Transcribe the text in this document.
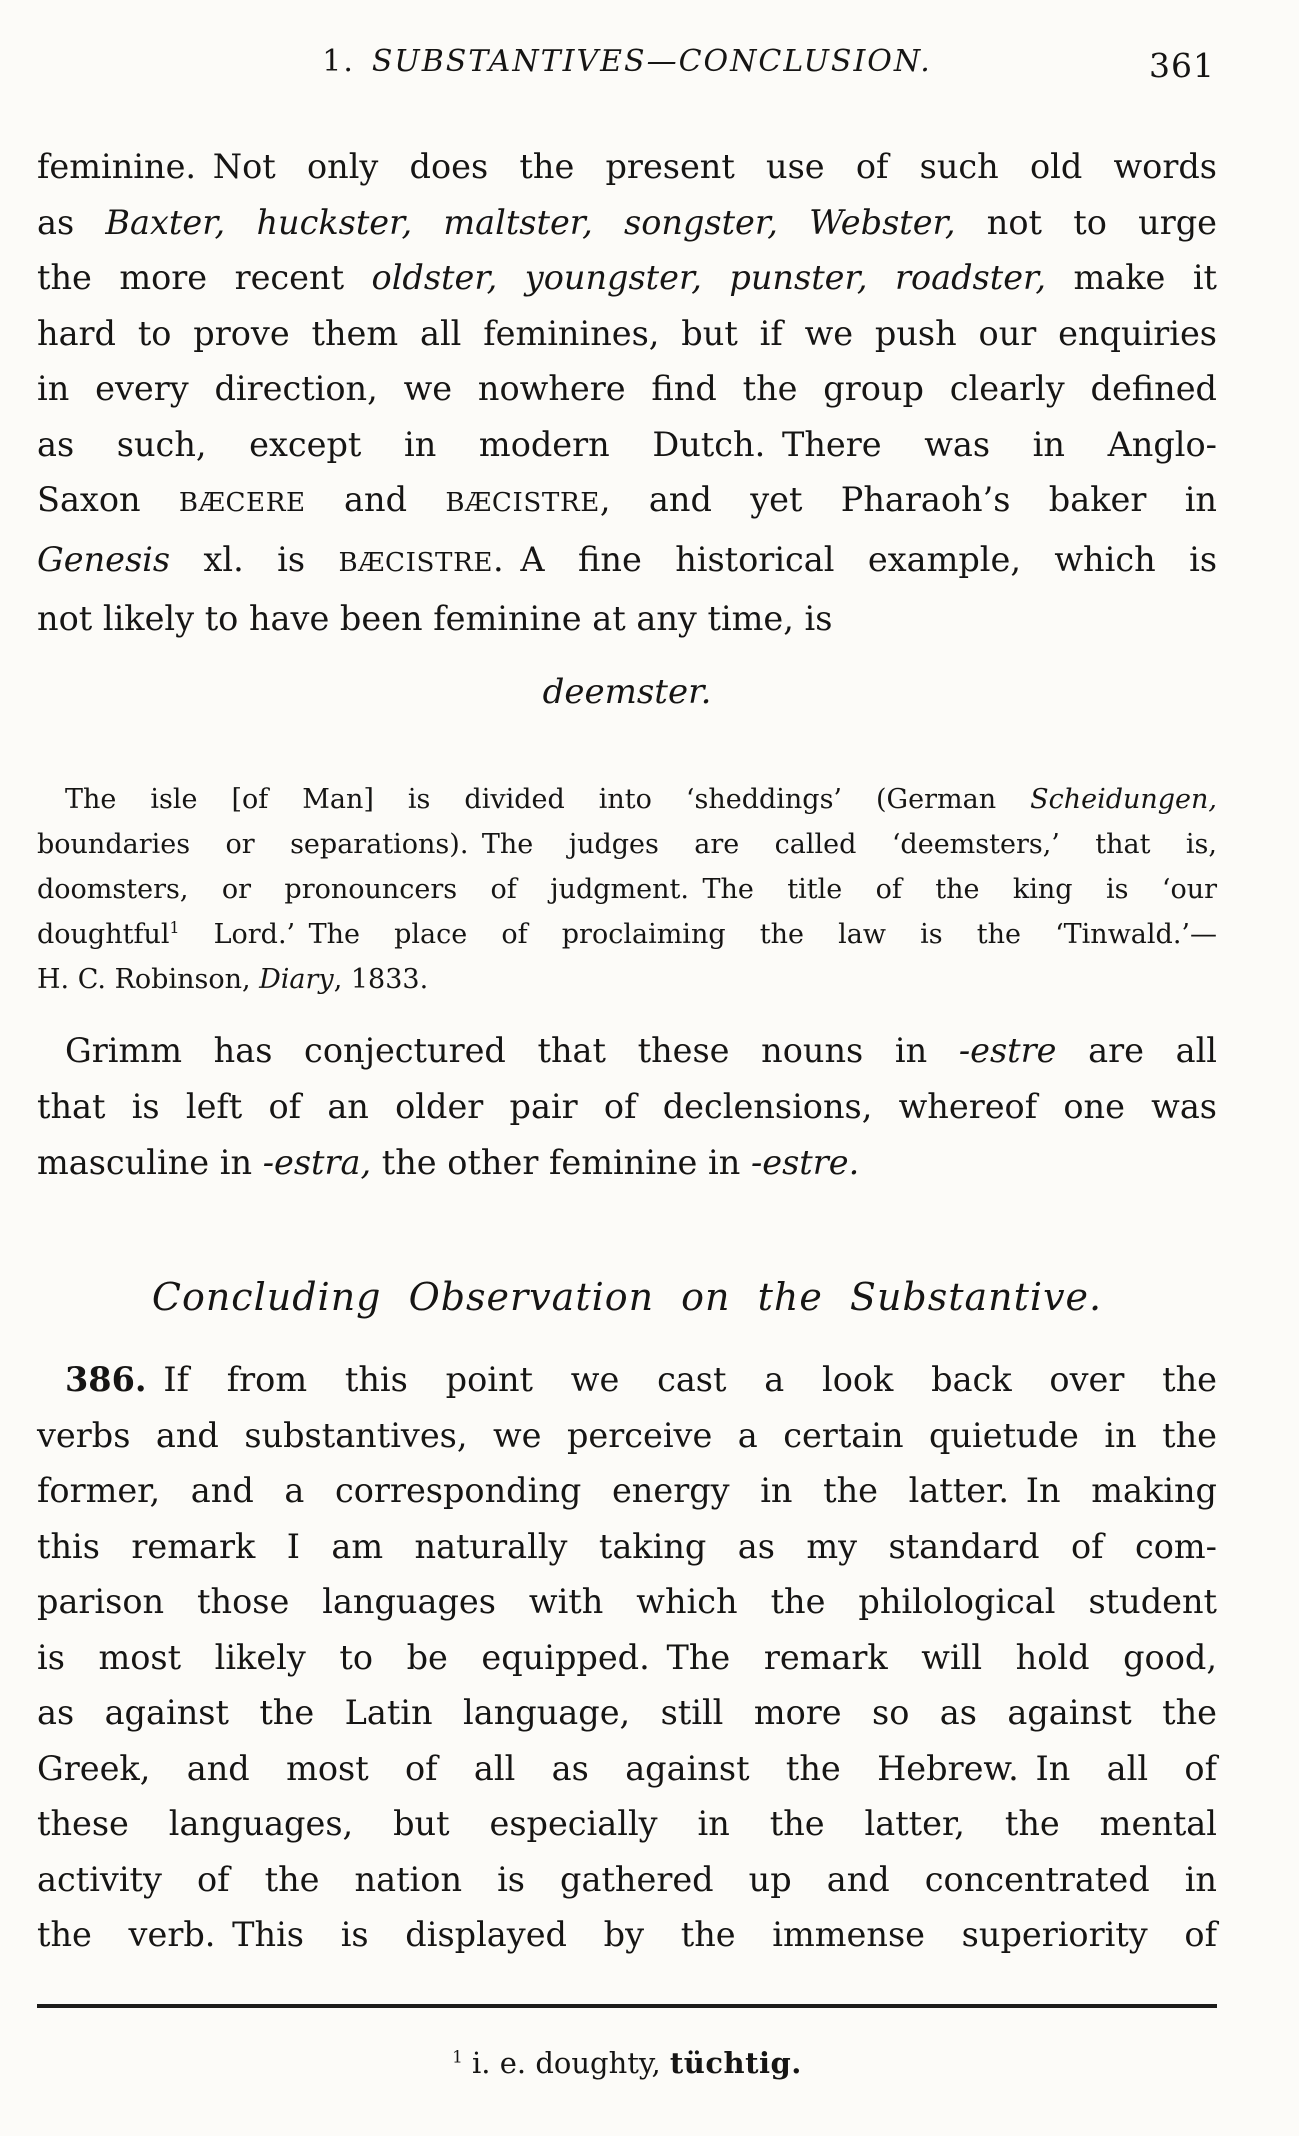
1. SUBSTANTIVES—CONCLUSION.	361
feminine. Not only does the present use of such old words
as Baxter, huckster, maltster, songster, Webster, not to urge
the more recent oldster, youngster, punster, roadster, make it
hard to prove them all feminines, but if we push our enquiries
in every direction, we nowhere find the group clearly defined
as such, except in modern Dutch. There was in Anglo-
Saxon BÆCERE and BÆCISTRE, and yet Pharaoh’s baker in
Genesis xl. is BÆCISTRE. A fine historical example, which is
not likely to have been feminine at any time, is
deemster.
The isle [of Man] is divided into ‘sheddings’ (German Scheidungen,
boundaries or separations). The judges are called ‘deemsters,’ that is,
doomsters, or pronouncers of judgment. The title of the king is ‘our
doughtful$^1$ Lord.’ The place of proclaiming the law is the ‘Tinwald.’—
H. C. Robinson, Diary, 1833.
Grimm has conjectured that these nouns in -estre are all
that is left of an older pair of declensions, whereof one was
masculine in -estra, the other feminine in -estre.
Concluding Observation on the Substantive.
386. If from this point we cast a look back over the
verbs and substantives, we perceive a certain quietude in the
former, and a corresponding energy in the latter. In making
this remark I am naturally taking as my standard of com-
parison those languages with which the philological student
is most likely to be equipped. The remark will hold good,
as against the Latin language, still more so as against the
Greek, and most of all as against the Hebrew. In all of
these languages, but especially in the latter, the mental
activity of the nation is gathered up and concentrated in
the verb. This is displayed by the immense superiority of
$^1$ i. e. doughty, tüchtig.
